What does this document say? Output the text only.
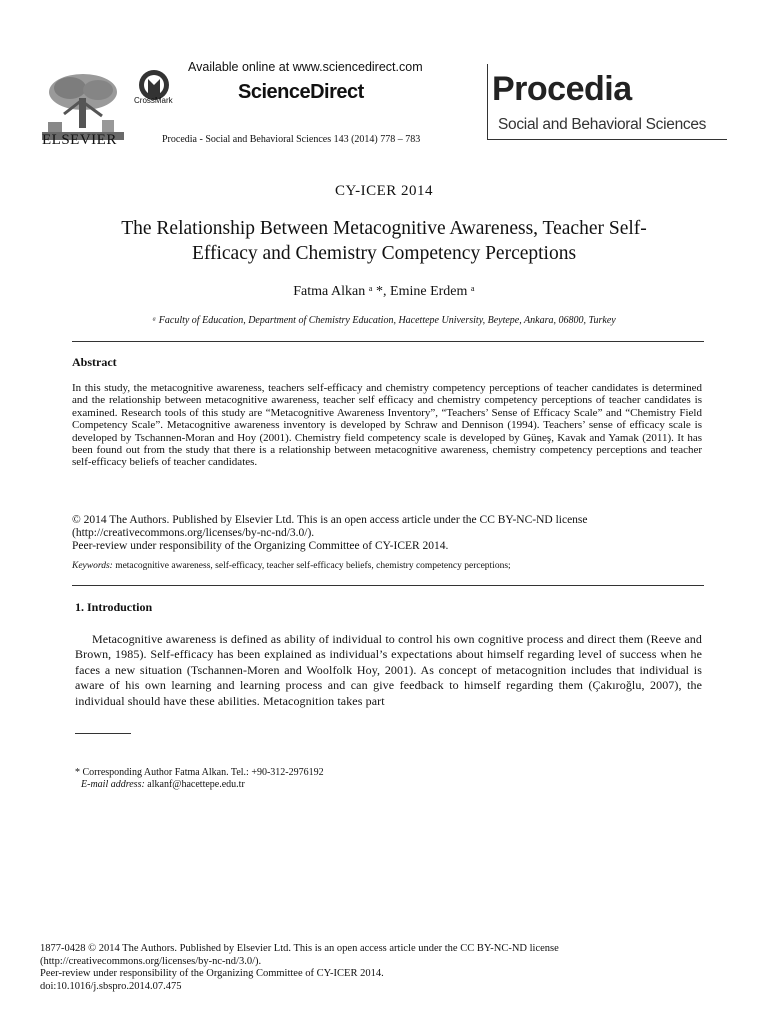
ELSEVIER
CrossMark
Available online at www.sciencedirect.com
ScienceDirect
Procedia - Social and Behavioral Sciences 143 (2014) 778 – 783
Procedia
Social and Behavioral Sciences
CY-ICER 2014
The Relationship Between Metacognitive Awareness, Teacher Self-
Efficacy and Chemistry Competency Perceptions
Fatma Alkan ᵃ *, Emine Erdem ᵃ
ᵃ Faculty of Education, Department of Chemistry Education, Hacettepe University, Beytepe, Ankara, 06800, Turkey
Abstract
In this study, the metacognitive awareness, teachers self-efficacy and chemistry competency perceptions of teacher candidates is determined and the relationship between metacognitive awareness, teacher self efficacy and chemistry competency perceptions of teacher candidates is examined. Research tools of this study are “Metacognitive Awareness Inventory”, “Teachers’ Sense of Efficacy Scale” and “Chemistry Field Competency Scale”. Metacognitive awareness inventory is developed by Schraw and Dennison (1994). Teachers’ sense of efficacy scale is developed by Tschannen-Moran and Hoy (2001). Chemistry field competency scale is developed by Güneş, Kavak and Yamak (2011). It has been found out from the study that there is a relationship between metacognitive awareness, chemistry competency perceptions and teacher self-efficacy beliefs of teacher candidates.
© 2014 The Authors. Published by Elsevier Ltd. This is an open access article under the CC BY-NC-ND license
(http://creativecommons.org/licenses/by-nc-nd/3.0/).
Peer-review under responsibility of the Organizing Committee of CY-ICER 2014.
Keywords: metacognitive awareness, self-efficacy, teacher self-efficacy beliefs, chemistry competency perceptions;
1. Introduction
Metacognitive awareness is defined as ability of individual to control his own cognitive process and direct them (Reeve and Brown, 1985). Self-efficacy has been explained as individual’s expectations about himself regarding level of success when he faces a new situation (Tschannen-Moren and Woolfolk Hoy, 2001). As concept of metacognition includes that individual is aware of his own learning and learning process and can give feedback to himself regarding them (Çakıroğlu, 2007), the individual should have these abilities. Metacognition takes part
* Corresponding Author Fatma Alkan. Tel.: +90-312-2976192
E-mail address: alkanf@hacettepe.edu.tr
1877-0428 © 2014 The Authors. Published by Elsevier Ltd. This is an open access article under the CC BY-NC-ND license
(http://creativecommons.org/licenses/by-nc-nd/3.0/).
Peer-review under responsibility of the Organizing Committee of CY-ICER 2014.
doi:10.1016/j.sbspro.2014.07.475
